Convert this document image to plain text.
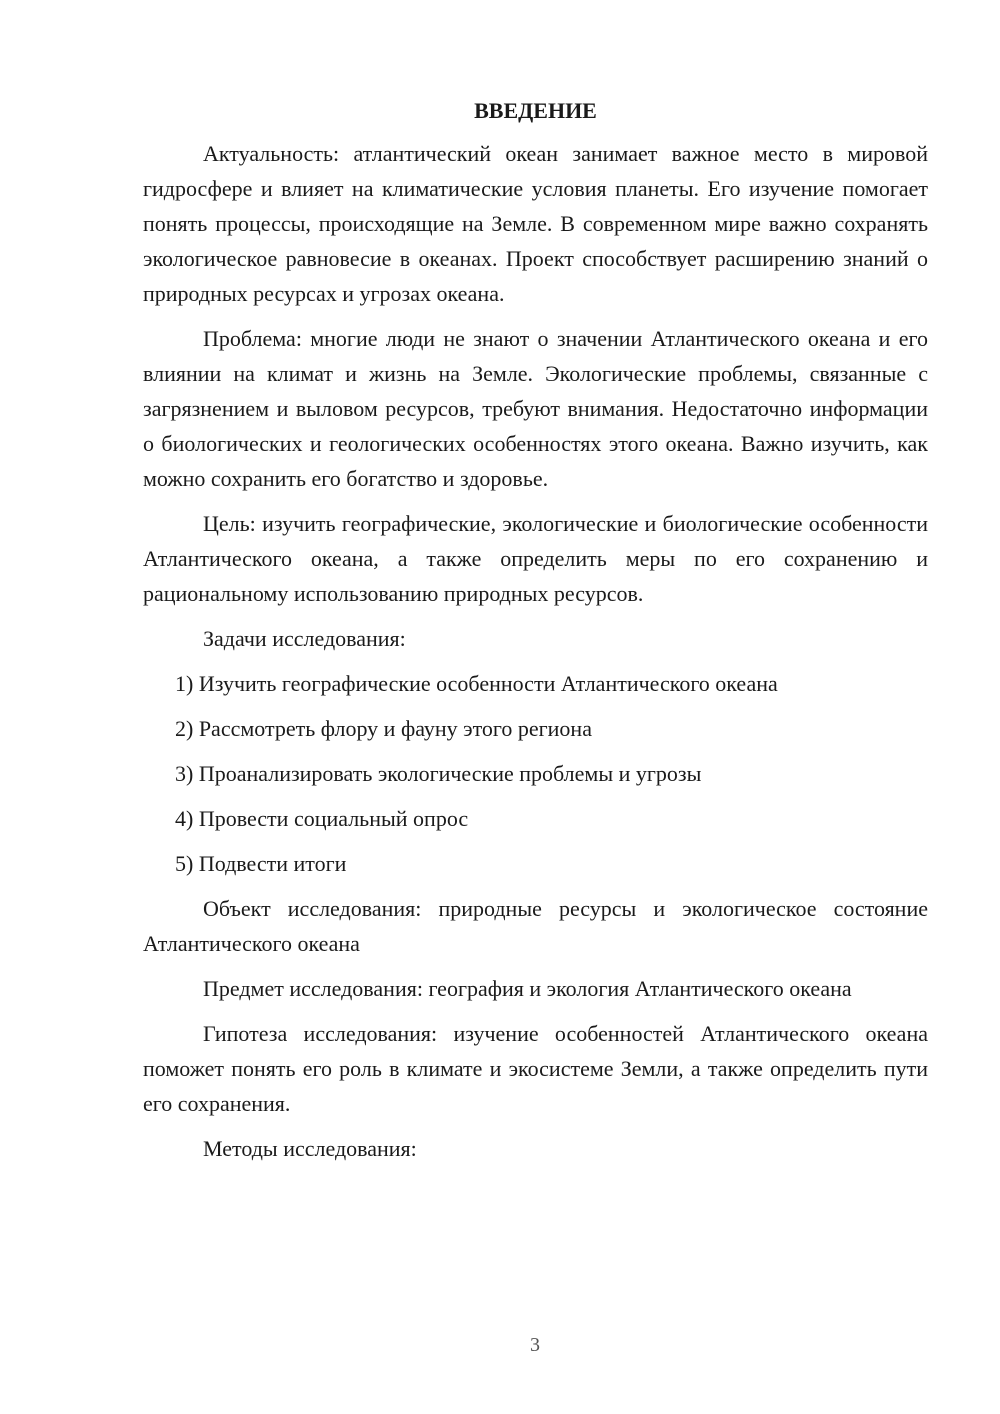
ВВЕДЕНИЕ

Актуальность: атлантический океан занимает важное место в мировой гидросфере и влияет на климатические условия планеты. Его изучение помогает понять процессы, происходящие на Земле. В современном мире важно сохранять экологическое равновесие в океанах. Проект способствует расширению знаний о природных ресурсах и угрозах океана.

Проблема: многие люди не знают о значении Атлантического океана и его влиянии на климат и жизнь на Земле. Экологические проблемы, связанные с загрязнением и выловом ресурсов, требуют внимания. Недостаточно информации о биологических и геологических особенностях этого океана. Важно изучить, как можно сохранить его богатство и здоровье.

Цель: изучить географические, экологические и биологические особенности Атлантического океана, а также определить меры по его сохранению и рациональному использованию природных ресурсов.

Задачи исследования:

1) Изучить географические особенности Атлантического океана
2) Рассмотреть флору и фауну этого региона
3) Проанализировать экологические проблемы и угрозы
4) Провести социальный опрос
5) Подвести итоги

Объект исследования: природные ресурсы и экологическое состояние Атлантического океана

Предмет исследования: география и экология Атлантического океана

Гипотеза исследования: изучение особенностей Атлантического океана поможет понять его роль в климате и экосистеме Земли, а также определить пути его сохранения.

Методы исследования:

3
